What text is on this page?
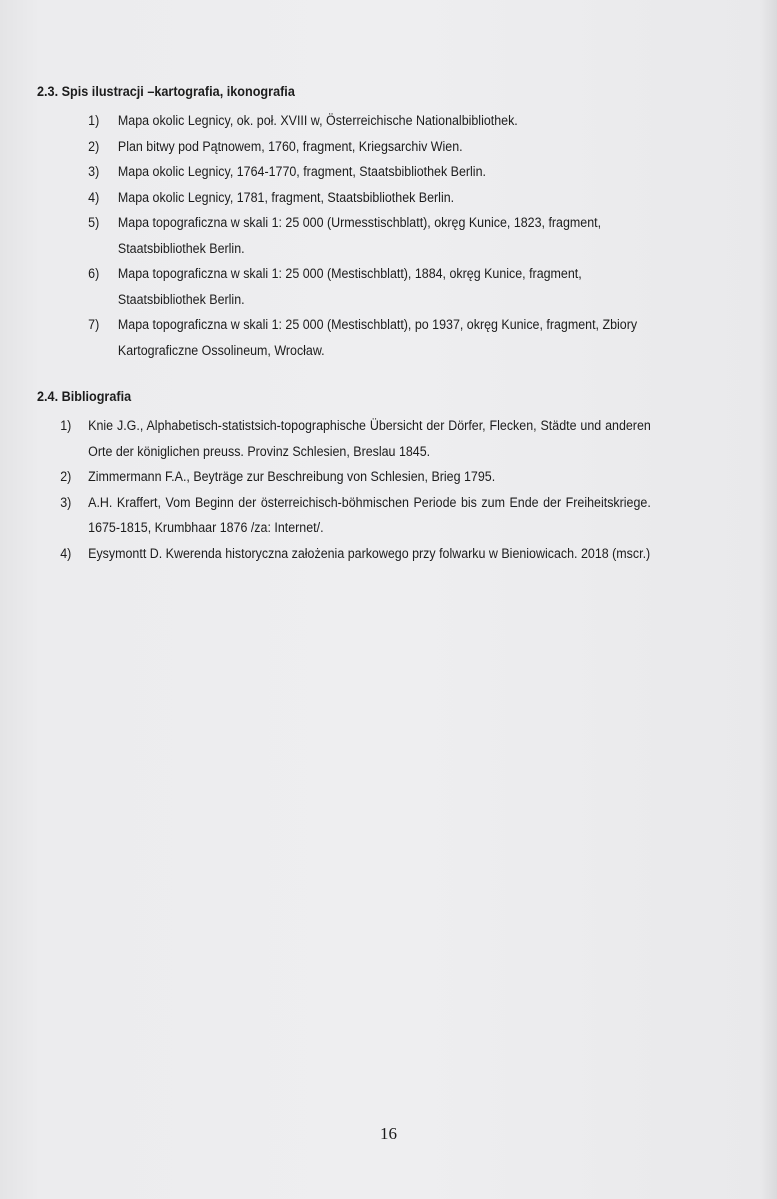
2.3. Spis ilustracji –kartografia, ikonografia
1) Mapa okolic Legnicy, ok. poł. XVIII w, Österreichische Nationalbibliothek.
2) Plan bitwy pod Pątnowem, 1760, fragment, Kriegsarchiv Wien.
3) Mapa okolic Legnicy, 1764-1770, fragment, Staatsbibliothek Berlin.
4) Mapa okolic Legnicy, 1781, fragment, Staatsbibliothek Berlin.
5) Mapa topograficzna w skali 1: 25 000 (Urmesstischblatt), okręg Kunice, 1823, fragment, Staatsbibliothek Berlin.
6) Mapa topograficzna w skali 1: 25 000 (Mestischblatt), 1884, okręg Kunice, fragment, Staatsbibliothek Berlin.
7) Mapa topograficzna w skali 1: 25 000 (Mestischblatt), po 1937, okręg Kunice, fragment, Zbiory Kartograficzne Ossolineum, Wrocław.
2.4. Bibliografia
1) Knie J.G., Alphabetisch-statistsich-topographische Übersicht der Dörfer, Flecken, Städte und anderen Orte der königlichen preuss. Provinz Schlesien, Breslau 1845.
2) Zimmermann F.A., Beyträge zur Beschreibung von Schlesien, Brieg 1795.
3) A.H. Kraffert, Vom Beginn der österreichisch-böhmischen Periode bis zum Ende der Freiheitskriege. 1675-1815, Krumbhaar 1876 /za: Internet/.
4) Eysymontt D. Kwerenda historyczna założenia parkowego przy folwarku w Bieniowicach. 2018 (mscr.)
16
